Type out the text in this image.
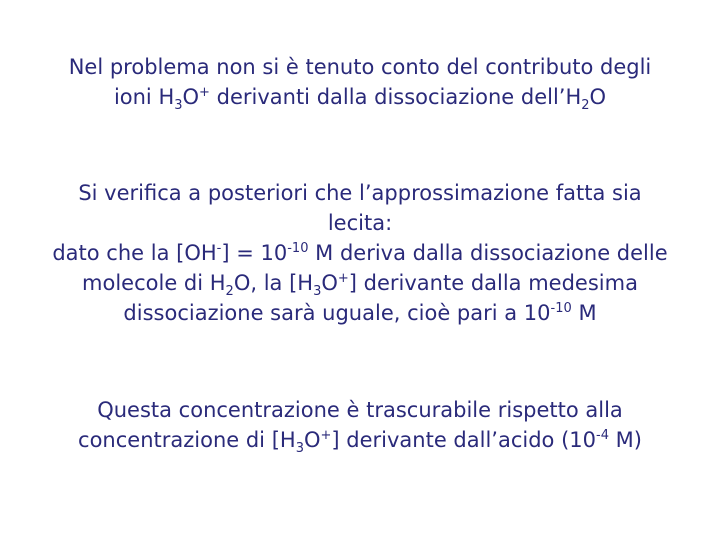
Nel problema non si è tenuto conto del contributo degli
ioni $H_3O^+$ derivanti dalla dissociazione $dell’H_2O$
Si verifica a posteriori che l’approssimazione fatta sia
lecita:
dato che la $[OH^-] = 10^{-10}$ M deriva dalla dissociazione delle
molecole di $H_2O$, la $[H_3O^+]$ derivante dalla medesima
dissociazione sarà uguale, cioè pari a $10^{-10}$ M
Questa concentrazione è trascurabile rispetto alla
concentrazione di $[H_3O^+]$ derivante dall’acido ($10^{-4}$ M)
